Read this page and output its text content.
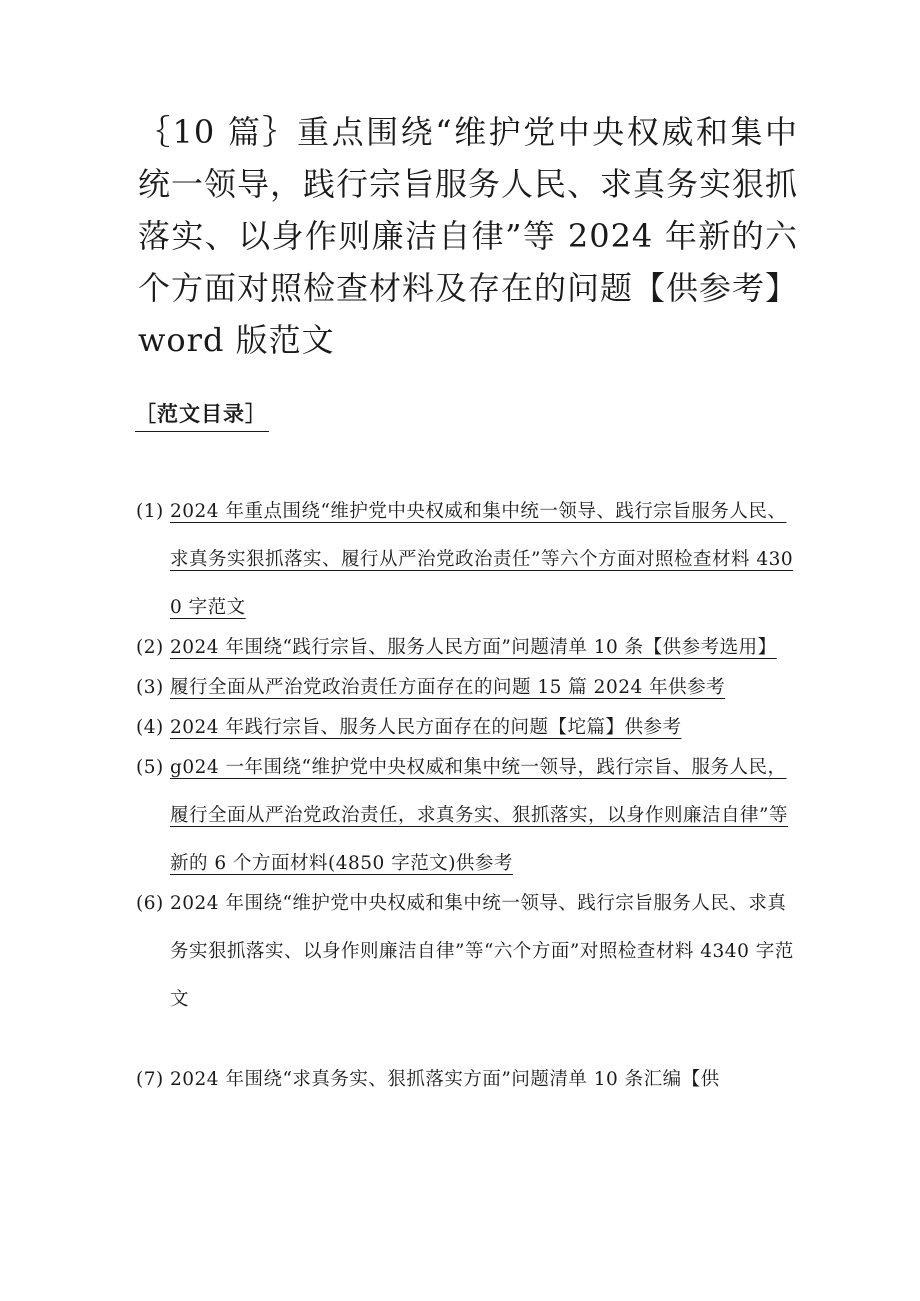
｛10 篇｝重点围绕“维护党中央权威和集中统一领导，践行宗旨服务人民、求真务实狠抓落实、以身作则廉洁自律”等 2024 年新的六个方面对照检查材料及存在的问题【供参考】word 版范文
［范文目录］
(1) 2024 年重点围绕“维护党中央权威和集中统一领导、践行宗旨服务人民、求真务实狠抓落实、履行从严治党政治责任”等六个方面对照检查材料 4300 字范文
(2) 2024 年围绕“践行宗旨、服务人民方面”问题清单 10 条【供参考选用】
(3) 履行全面从严治党政治责任方面存在的问题 15 篇 2024 年供参考
(4) 2024 年践行宗旨、服务人民方面存在的问题【坨篇】供参考
(5) g024 一年围绕“维护党中央权威和集中统一领导，践行宗旨、服务人民，履行全面从严治党政治责任，求真务实、狠抓落实，以身作则廉洁自律”等新的 6 个方面材料(4850 字范文)供参考
(6) 2024 年围绕“维护党中央权威和集中统一领导、践行宗旨服务人民、求真务实狠抓落实、以身作则廉洁自律”等“六个方面”对照检查材料 4340 字范文
(7) 2024 年围绕“求真务实、狠抓落实方面”问题清单 10 条汇编【供
